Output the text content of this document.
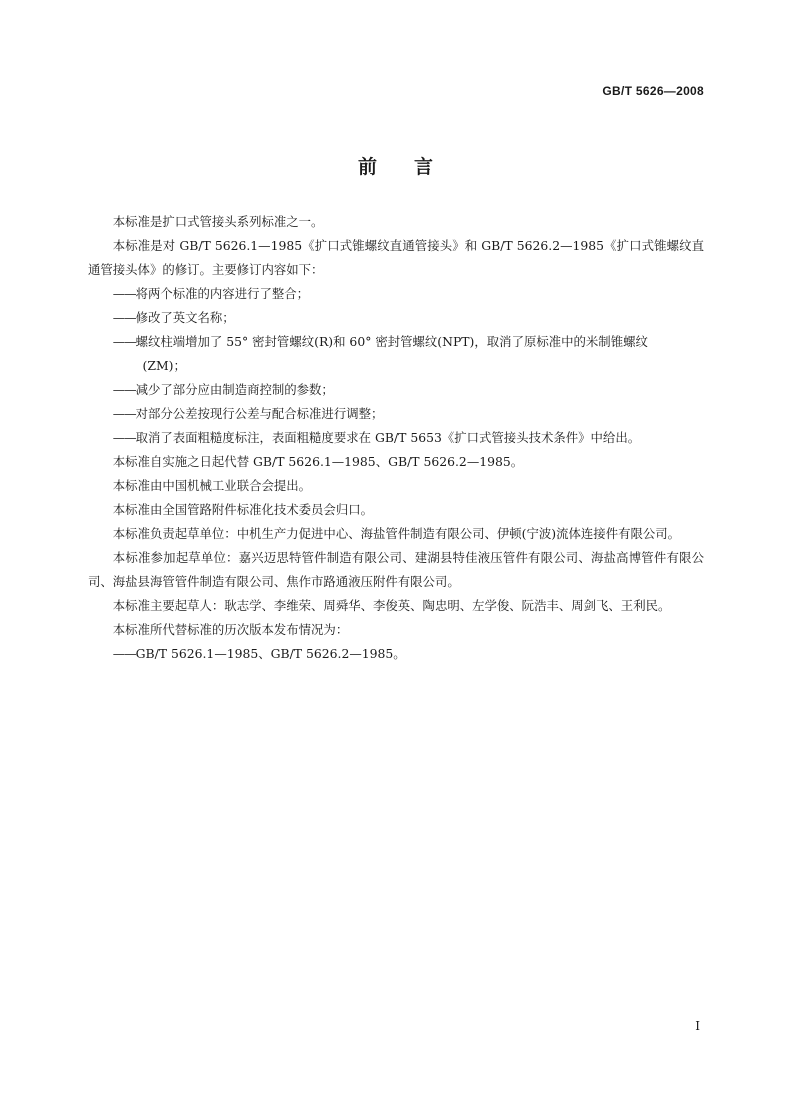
GB/T 5626—2008
前 言

本标准是扩口式管接头系列标准之一。

本标准是对 GB/T 5626.1—1985《扩口式锥螺纹直通管接头》和 GB/T 5626.2—1985《扩口式锥螺纹直通管接头体》的修订。主要修订内容如下：

——将两个标准的内容进行了整合；

——修改了英文名称；

——螺纹柱端增加了 55° 密封管螺纹(R)和 60° 密封管螺纹(NPT)，取消了原标准中的米制锥螺纹
(ZM)；

——减少了部分应由制造商控制的参数；

——对部分公差按现行公差与配合标准进行调整；

——取消了表面粗糙度标注，表面粗糙度要求在 GB/T 5653《扩口式管接头技术条件》中给出。

本标准自实施之日起代替 GB/T 5626.1—1985、GB/T 5626.2—1985。

本标准由中国机械工业联合会提出。

本标准由全国管路附件标准化技术委员会归口。

本标准负责起草单位：中机生产力促进中心、海盐管件制造有限公司、伊顿(宁波)流体连接件有限公司。

本标准参加起草单位：嘉兴迈思特管件制造有限公司、建湖县特佳液压管件有限公司、海盐高博管件有限公司、海盐县海管管件制造有限公司、焦作市路通液压附件有限公司。

本标准主要起草人：耿志学、李维荣、周舜华、李俊英、陶忠明、左学俊、阮浩丰、周剑飞、王利民。

本标准所代替标准的历次版本发布情况为：

——GB/T 5626.1—1985、GB/T 5626.2—1985。

I
